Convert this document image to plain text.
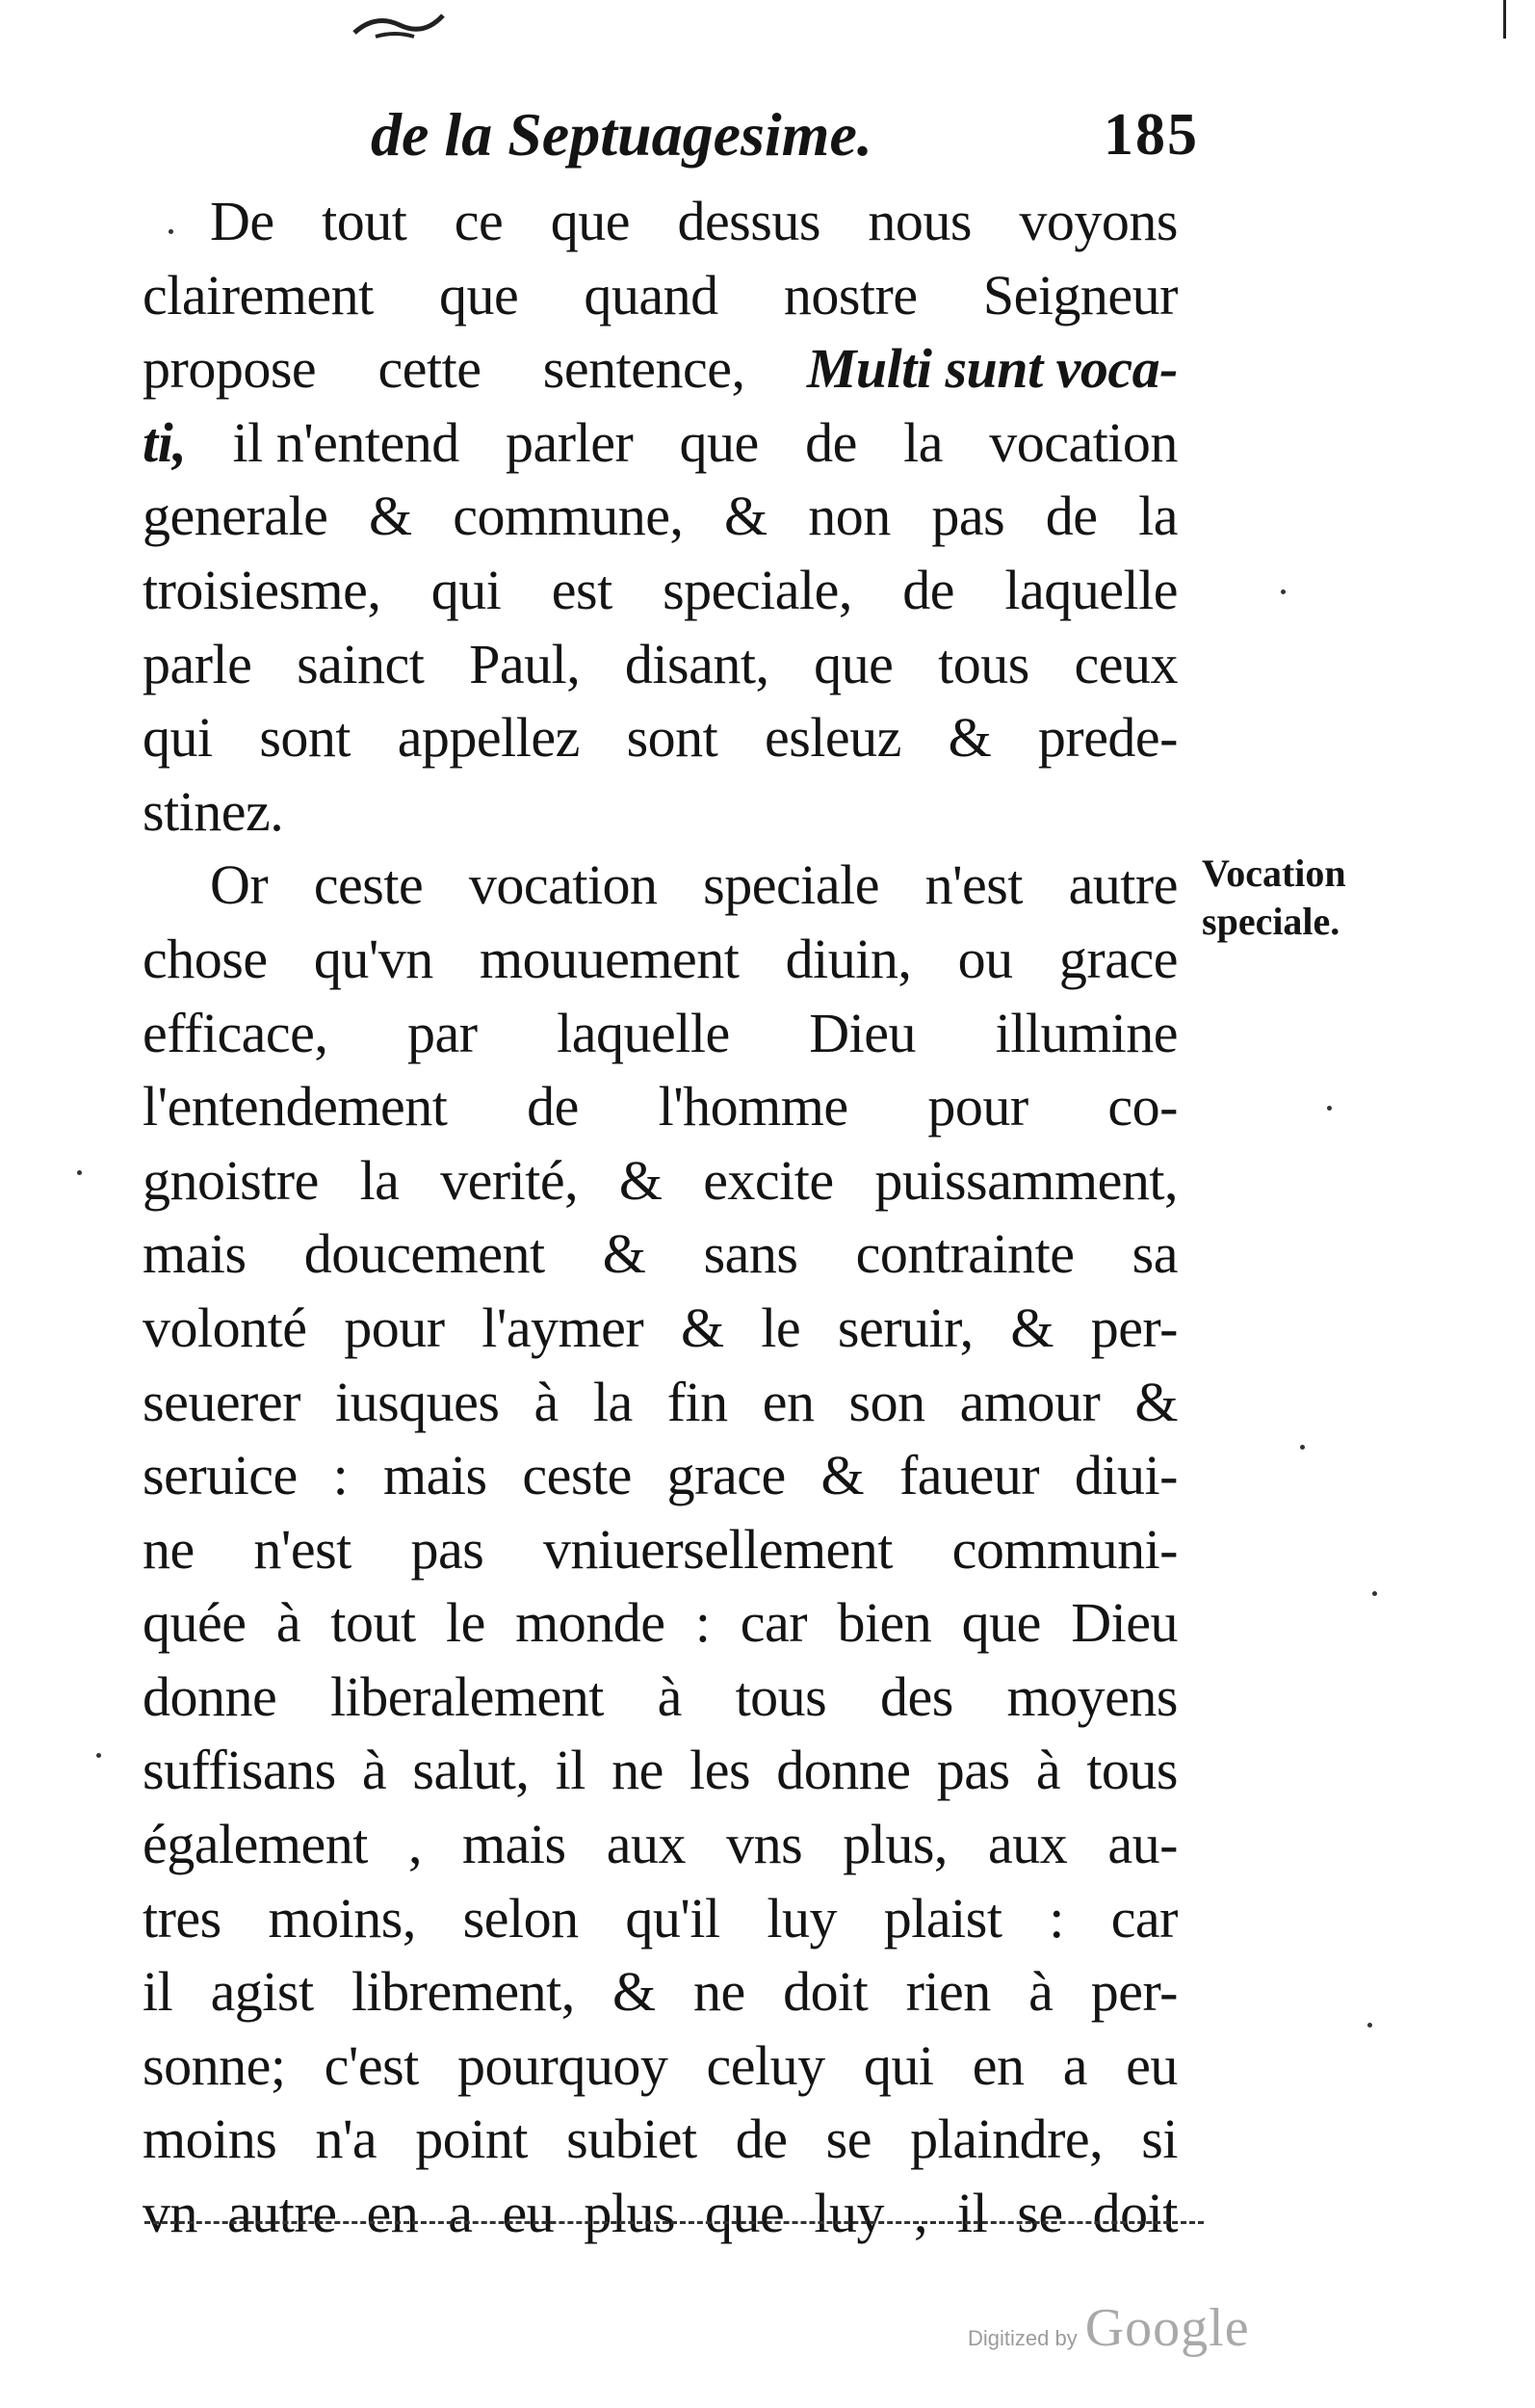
de la Septuagesime.	185
De tout ce que dessus nous voyons
clairement que quand nostre Seigneur
propose cette sentence, Multi sunt voca-
ti, il n'entend parler que de la vocation
generale & commune, & non pas de la
troisiesme, qui est speciale, de laquelle
parle sainct Paul, disant, que tous ceux
qui sont appellez sont esleuz & prede-
stinez.
Or ceste vocation speciale n'est autre
chose qu'vn mouuement diuin, ou grace
efficace, par laquelle Dieu illumine
l'entendement de l'homme pour co-
gnoistre la verité, & excite puissamment,
mais doucement & sans contrainte sa
volonté pour l'aymer & le seruir, & per-
seuerer iusques à la fin en son amour &
seruice : mais ceste grace & faueur diui-
ne n'est pas vniuersellement communi-
quée à tout le monde : car bien que Dieu
donne liberalement à tous des moyens
suffisans à salut, il ne les donne pas à tous
également , mais aux vns plus, aux au-
tres moins, selon qu'il luy plaist : car
il agist librement, & ne doit rien à per-
sonne; c'est pourquoy celuy qui en a eu
moins n'a point subiet de se plaindre, si
vn autre en a eu plus que luy , il se doit
Vocation
speciale.
Digitized by Google
